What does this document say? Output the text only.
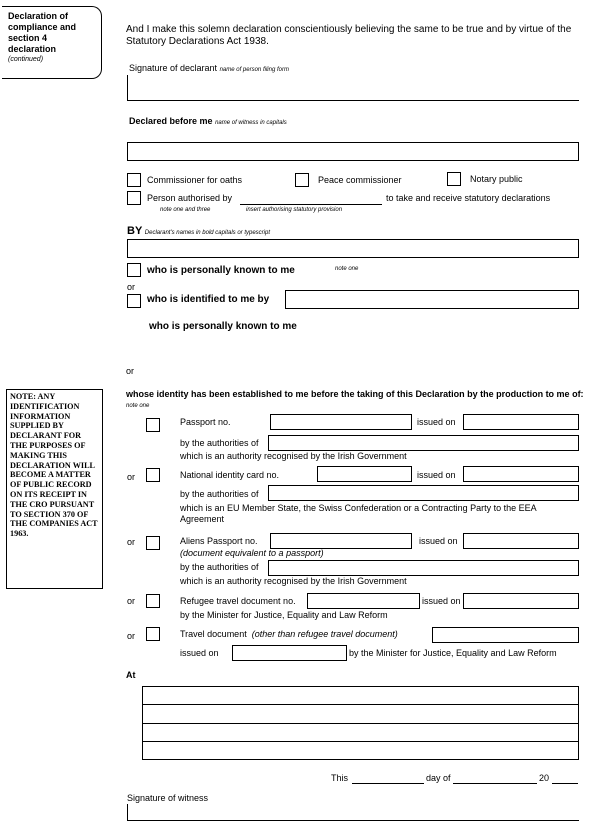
Declaration of compliance and section 4 declaration
(continued)
And I make this solemn declaration conscientiously believing the same to be true and by virtue of the Statutory Declarations Act 1938.
Signature of declarant name of person filing form
Declared before me name of witness in capitals
Commissioner for oaths	Peace commissioner	Notary public
Person authorised by	to take and receive statutory declarations
note one and three	insert authorising statutory provision
BY Declarant's names in bold capitals or typescript
who is personally known to me	note one
or
who is identified to me by
who is personally known to me
or
NOTE: ANY IDENTIFICATION INFORMATION SUPPLIED BY DECLARANT FOR THE PURPOSES OF MAKING THIS DECLARATION WILL BECOME A MATTER OF PUBLIC RECORD ON ITS RECEIPT IN THE CRO PURSUANT TO SECTION 370 OF THE COMPANIES ACT 1963.
whose identity has been established to me before the taking of this Declaration by the production to me of: note one
Passport no.	issued on
by the authorities of
which is an authority recognised by the Irish Government
or	National identity card no.	issued on
by the authorities of
which is an EU Member State, the Swiss Confederation or a Contracting Party to the EEA Agreement
or	Aliens Passport no.	issued on
(document equivalent to a passport)
by the authorities of
which is an authority recognised by the Irish Government
or	Refugee travel document no.	issued on
by the Minister for Justice, Equality and Law Reform
or	Travel document (other than refugee travel document)
issued on	by the Minister for Justice, Equality and Law Reform
At
This	day of	20
Signature of witness
